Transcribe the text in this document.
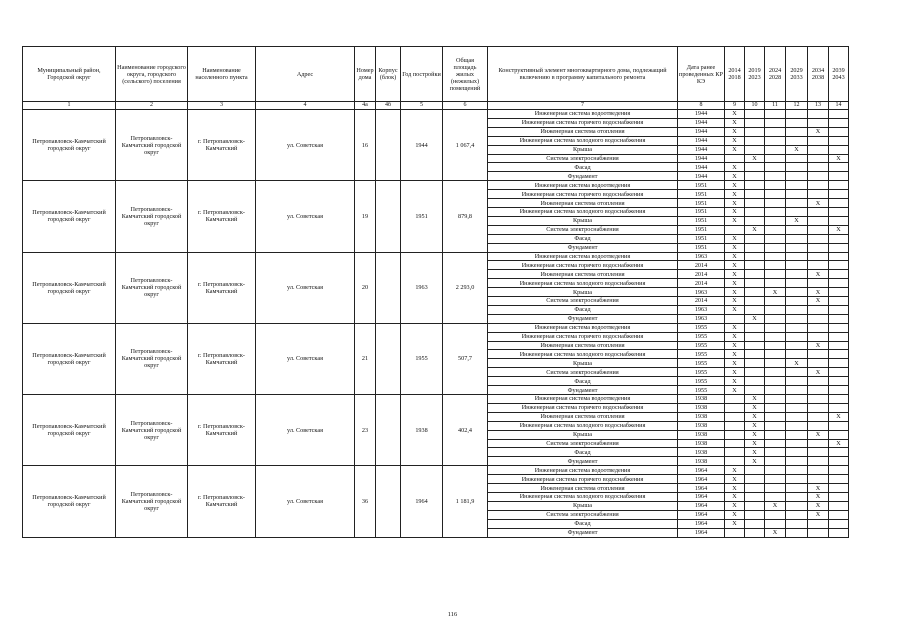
Муниципальный район, Городской округ	Наименование городского округа, городского (сельского) поселения	Наименование населенного пункта	Адрес	Номер дома	Корпус (блок)	Год постройки	Общая площадь жилых (нежилых) помещений	Конструктивный элемент многоквартирного дома, подлежащий включению в программу капитального ремонта	Дата ранее проведенных КР КЭ	2014 2018	2019 2023	2024 2028	2029 2033	2034 2038	2039 2043
1	2	3	4	4а	4б	5	6	7	8	9	10	11	12	13	14
Петропавловск-Камчатский городской округ	Петропавловск-Камчатский городской округ	г. Петропавловск-Камчатский	ул. Советская	16		1944	1 067,4	Инженерная система водоотведения	1944	X					
								Инженерная система горячего водоснабжения	1944	X					
								Инженерная система отопления	1944	X				X	
								Инженерная система холодного водоснабжения	1944	X					
								Крыша	1944	X			X		
								Система электроснабжения	1944		X				X
								Фасад	1944	X					
								Фундамент	1944	X					
Петропавловск-Камчатский городской округ	Петропавловск-Камчатский городской округ	г. Петропавловск-Камчатский	ул. Советская	19		1951	879,8	Инженерная система водоотведения	1951	X					
								Инженерная система горячего водоснабжения	1951	X					
								Инженерная система отопления	1951	X				X	
								Инженерная система холодного водоснабжения	1951	X					
								Крыша	1951	X			X		
								Система электроснабжения	1951		X				X
								Фасад	1951	X					
								Фундамент	1951	X					
Петропавловск-Камчатский городской округ	Петропавловск-Камчатский городской округ	г. Петропавловск-Камчатский	ул. Советская	20		1963	2 293,0	Инженерная система водоотведения	1963	X					
								Инженерная система горячего водоснабжения	2014	X					
								Инженерная система отопления	2014	X				X	
								Инженерная система холодного водоснабжения	2014	X					
								Крыша	1963	X		X		X	
								Система электроснабжения	2014	X				X	
								Фасад	1963	X					
								Фундамент	1963		X				
Петропавловск-Камчатский городской округ	Петропавловск-Камчатский городской округ	г. Петропавловск-Камчатский	ул. Советская	21		1955	507,7	Инженерная система водоотведения	1955	X					
								Инженерная система горячего водоснабжения	1955	X					
								Инженерная система отопления	1955	X				X	
								Инженерная система холодного водоснабжения	1955	X					
								Крыша	1955	X			X		
								Система электроснабжения	1955	X				X	
								Фасад	1955	X					
								Фундамент	1955	X					
Петропавловск-Камчатский городской округ	Петропавловск-Камчатский городской округ	г. Петропавловск-Камчатский	ул. Советская	23		1938	402,4	Инженерная система водоотведения	1938		X				
								Инженерная система горячего водоснабжения	1938		X				
								Инженерная система отопления	1938		X				X
								Инженерная система холодного водоснабжения	1938		X				
								Крыша	1938		X			X	
								Система электроснабжения	1938		X				X
								Фасад	1938		X				
								Фундамент	1938		X				
Петропавловск-Камчатский городской округ	Петропавловск-Камчатский городской округ	г. Петропавловск-Камчатский	ул. Советская	36		1964	1 181,9	Инженерная система водоотведения	1964	X					
								Инженерная система горячего водоснабжения	1964	X					
								Инженерная система отопления	1964	X				X	
								Инженерная система холодного водоснабжения	1964	X				X	
								Крыша	1964	X		X		X	
								Система электроснабжения	1964	X				X	
								Фасад	1964	X					
								Фундамент	1964			X			
116
